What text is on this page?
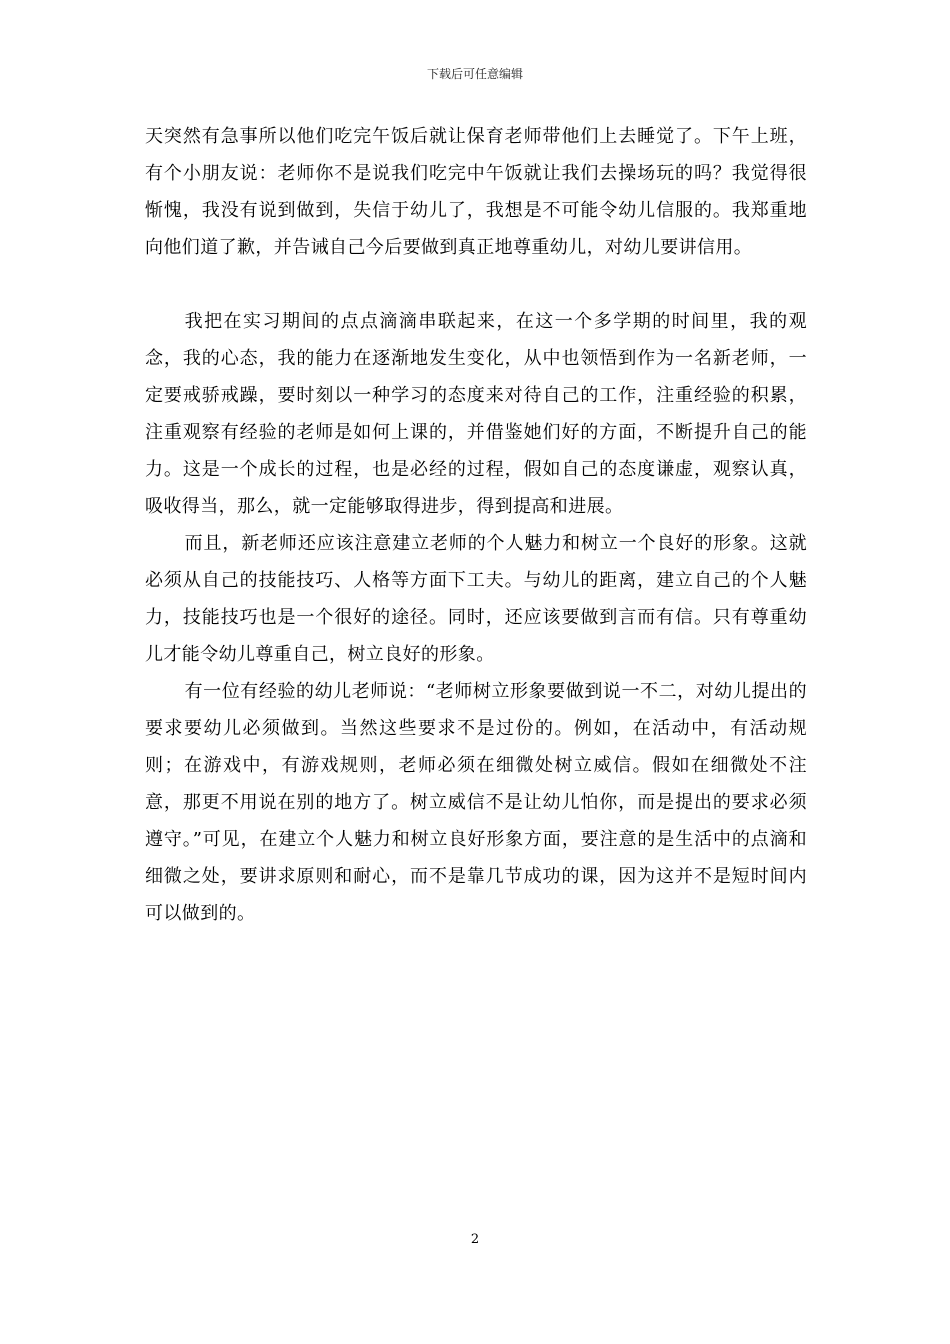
下载后可任意编辑

天突然有急事所以他们吃完午饭后就让保育老师带他们上去睡觉了。下午上班，有个小朋友说：老师你不是说我们吃完中午饭就让我们去操场玩的吗？我觉得很惭愧，我没有说到做到，失信于幼儿了，我想是不可能令幼儿信服的。我郑重地向他们道了歉，并告诫自己今后要做到真正地尊重幼儿，对幼儿要讲信用。

我把在实习期间的点点滴滴串联起来，在这一个多学期的时间里，我的观念，我的心态，我的能力在逐渐地发生变化，从中也领悟到作为一名新老师，一定要戒骄戒躁，要时刻以一种学习的态度来对待自己的工作，注重经验的积累，注重观察有经验的老师是如何上课的，并借鉴她们好的方面，不断提升自己的能力。这是一个成长的过程，也是必经的过程，假如自己的态度谦虚，观察认真，吸收得当，那么，就一定能够取得进步，得到提高和进展。

而且，新老师还应该注意建立老师的个人魅力和树立一个良好的形象。这就必须从自己的技能技巧、人格等方面下工夫。与幼儿的距离，建立自己的个人魅力，技能技巧也是一个很好的途径。同时，还应该要做到言而有信。只有尊重幼儿才能令幼儿尊重自己，树立良好的形象。

有一位有经验的幼儿老师说：“老师树立形象要做到说一不二，对幼儿提出的要求要幼儿必须做到。当然这些要求不是过份的。例如，在活动中，有活动规则；在游戏中，有游戏规则，老师必须在细微处树立威信。假如在细微处不注意，那更不用说在别的地方了。树立威信不是让幼儿怕你，而是提出的要求必须遵守。”可见，在建立个人魅力和树立良好形象方面，要注意的是生活中的点滴和细微之处，要讲求原则和耐心，而不是靠几节成功的课，因为这并不是短时间内可以做到的。

2
